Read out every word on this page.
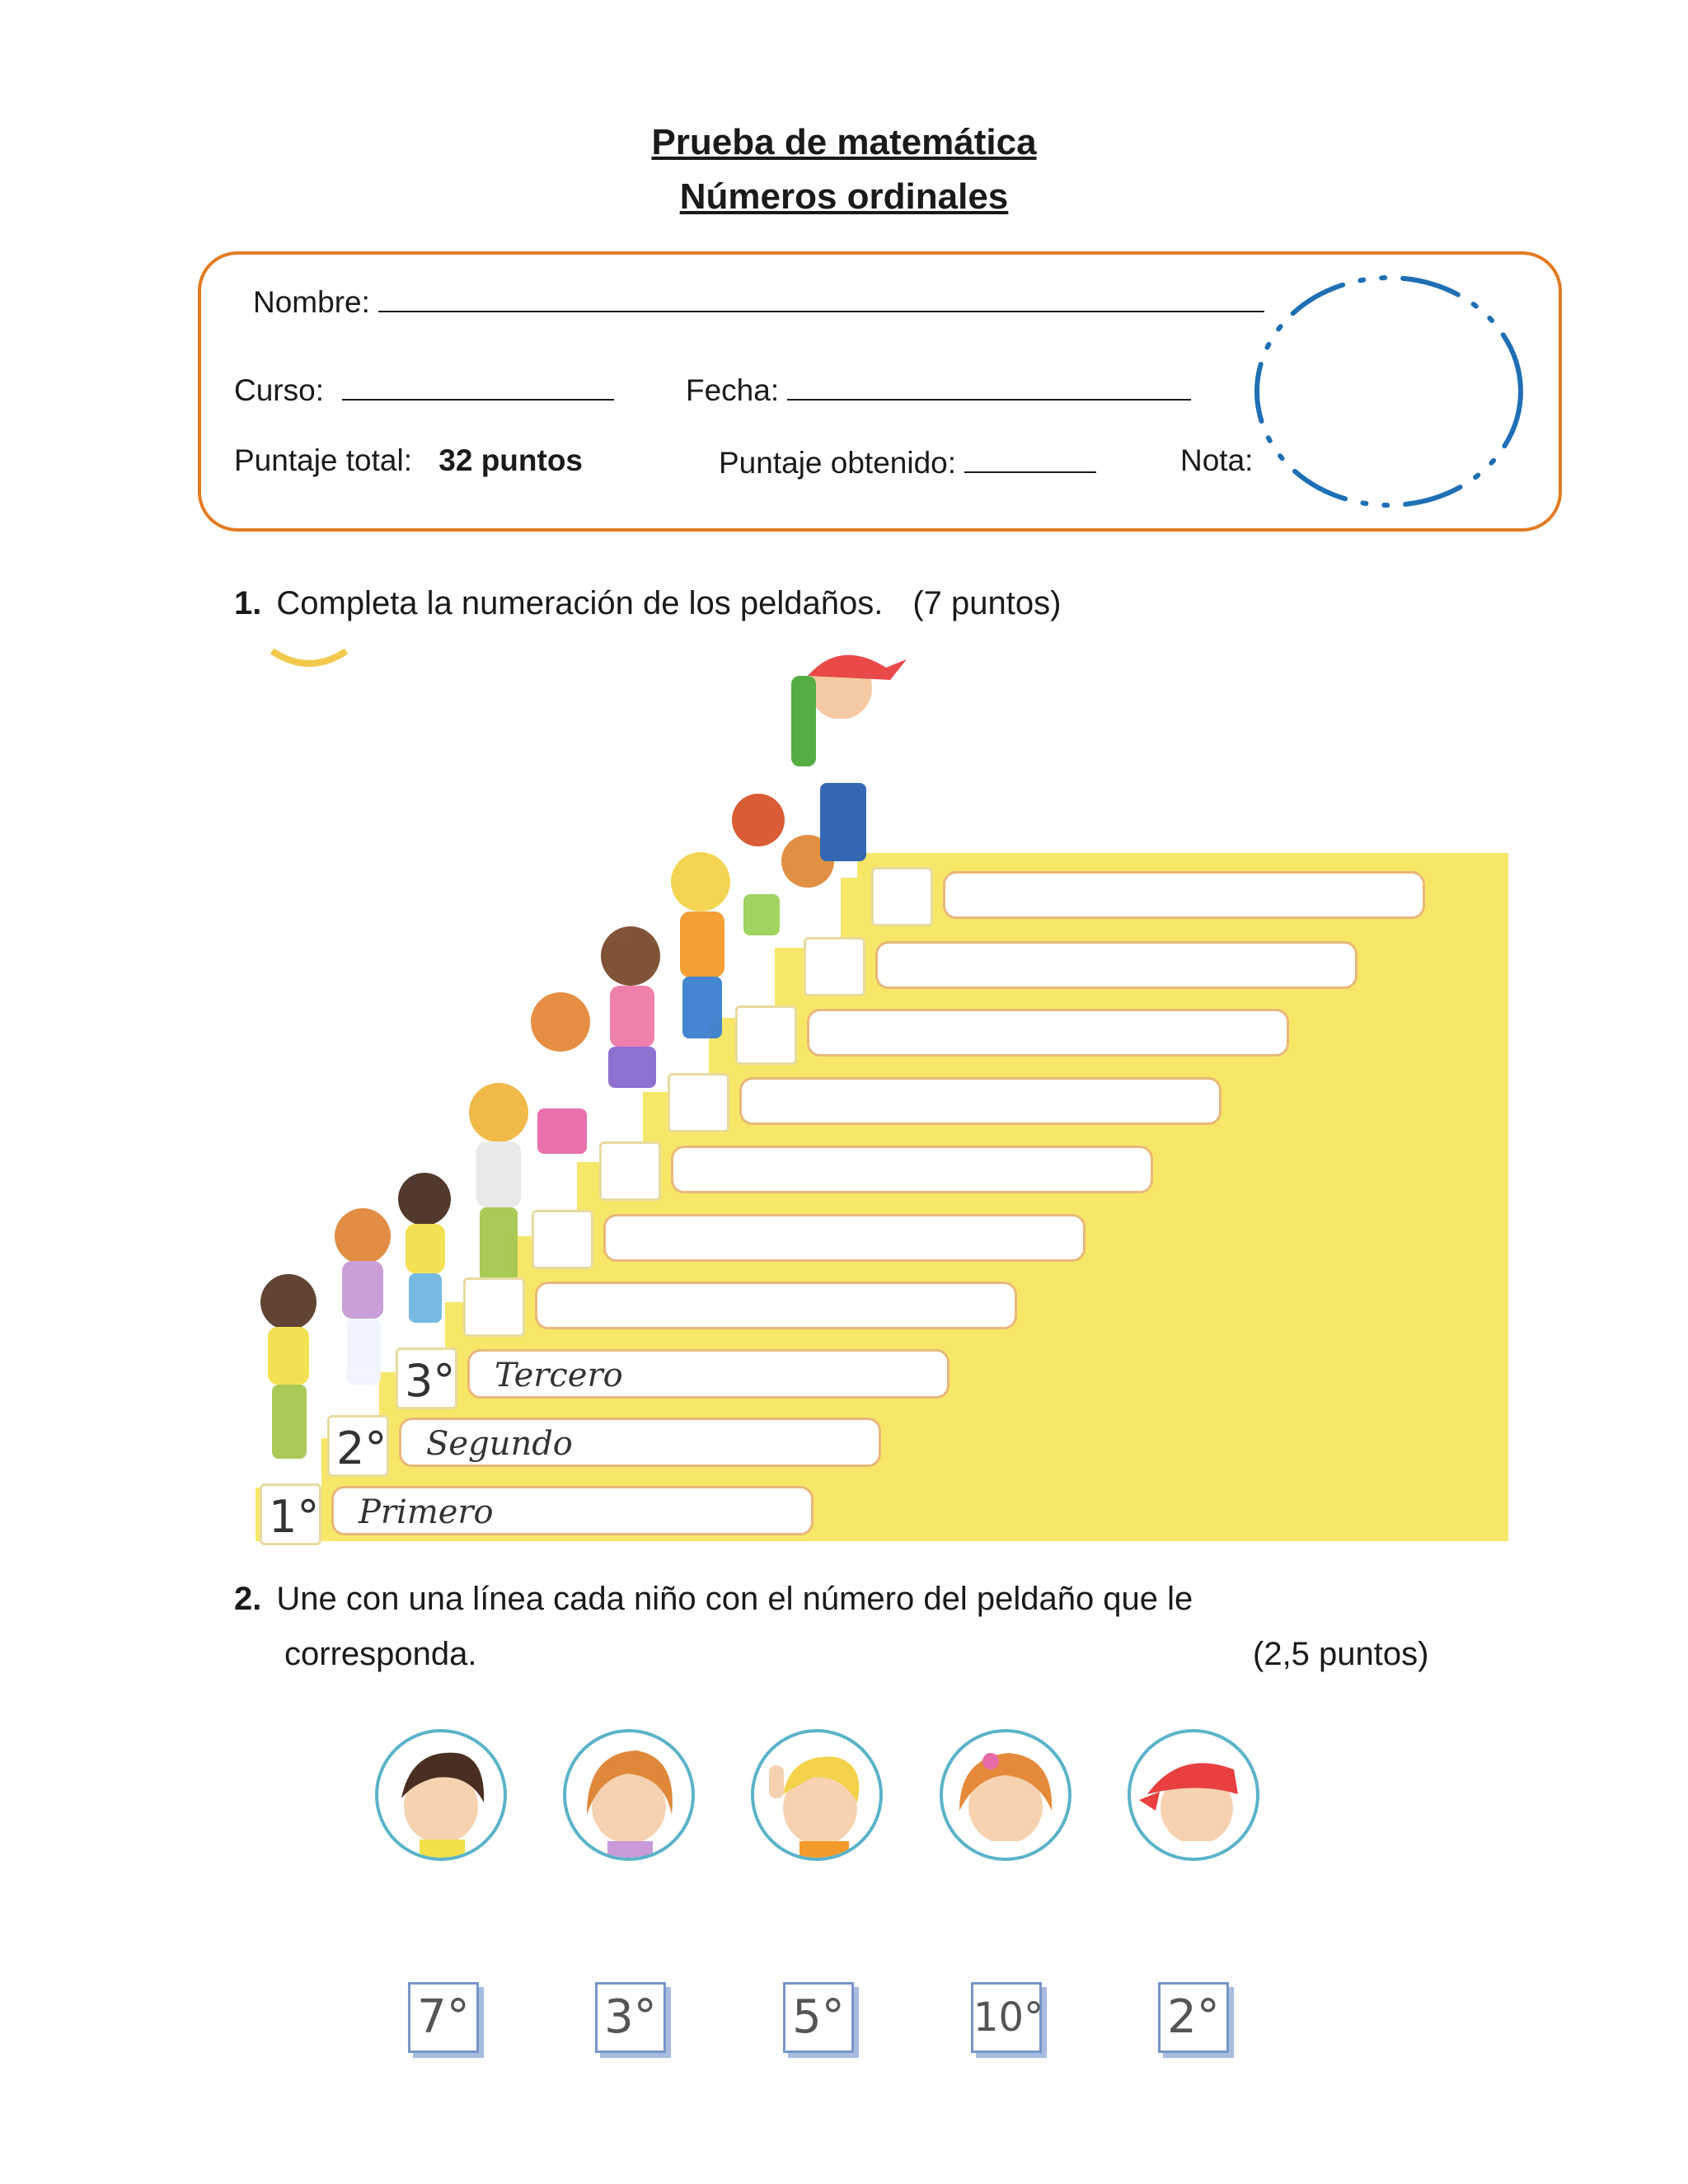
Prueba de matemática
Números ordinales
Nombre:
Curso:	Fecha:
Puntaje total: 32 puntos	Puntaje obtenido:	Nota:
1. Completa la numeración de los peldaños. (7 puntos)
1°
2°
3°
Primero
Segundo
Tercero
2. Une con una línea cada niño con el número del peldaño que le
corresponda.	(2,5 puntos)
7°	3°	5°	10°	2°
